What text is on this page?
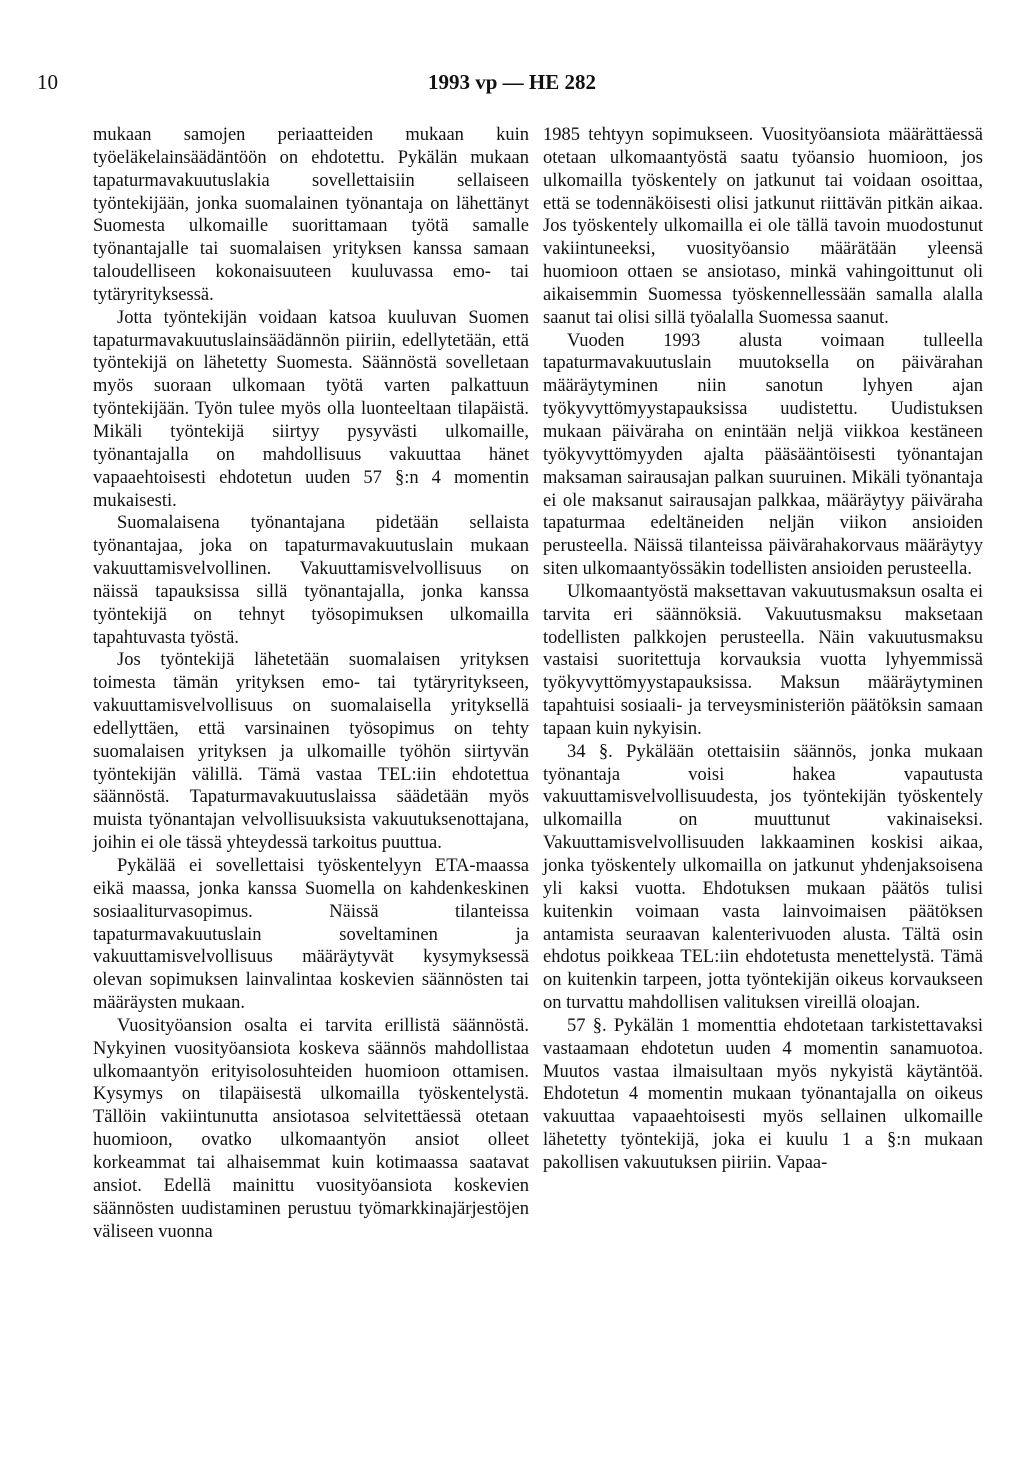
10	1993 vp — HE 282

mukaan samojen periaatteiden mukaan kuin työeläkelainsäädäntöön on ehdotettu. Pykälän mukaan tapaturmavakuutuslakia sovellettaisiin sellaiseen työntekijään, jonka suomalainen työnantaja on lähettänyt Suomesta ulkomaille suorittamaan työtä samalle työnantajalle tai suomalaisen yrityksen kanssa samaan taloudelliseen kokonaisuuteen kuuluvassa emo- tai tytäryrityksessä.

Jotta työntekijän voidaan katsoa kuuluvan Suomen tapaturmavakuutuslainsäädännön piiriin, edellytetään, että työntekijä on lähetetty Suomesta. Säännöstä sovelletaan myös suoraan ulkomaan työtä varten palkattuun työntekijään. Työn tulee myös olla luonteeltaan tilapäistä. Mikäli työntekijä siirtyy pysyvästi ulkomaille, työnantajalla on mahdollisuus vakuuttaa hänet vapaaehtoisesti ehdotetun uuden 57 §:n 4 momentin mukaisesti.

Suomalaisena työnantajana pidetään sellaista työnantajaa, joka on tapaturmavakuutuslain mukaan vakuuttamisvelvollinen. Vakuuttamisvelvollisuus on näissä tapauksissa sillä työnantajalla, jonka kanssa työntekijä on tehnyt työsopimuksen ulkomailla tapahtuvasta työstä.

Jos työntekijä lähetetään suomalaisen yrityksen toimesta tämän yrityksen emo- tai tytäryritykseen, vakuuttamisvelvollisuus on suomalaisella yrityksellä edellyttäen, että varsinainen työsopimus on tehty suomalaisen yrityksen ja ulkomaille työhön siirtyvän työntekijän välillä. Tämä vastaa TEL:iin ehdotettua säännöstä. Tapaturmavakuutuslaissa säädetään myös muista työnantajan velvollisuuksista vakuutuksenottajana, joihin ei ole tässä yhteydessä tarkoitus puuttua.

Pykälää ei sovellettaisi työskentelyyn ETA-maassa eikä maassa, jonka kanssa Suomella on kahdenkeskinen sosiaaliturvasopimus. Näissä tilanteissa tapaturmavakuutuslain soveltaminen ja vakuuttamisvelvollisuus määräytyvät kysymyksessä olevan sopimuksen lainvalintaa koskevien säännösten tai määräysten mukaan.

Vuosityöansion osalta ei tarvita erillistä säännöstä. Nykyinen vuosityöansiota koskeva säännös mahdollistaa ulkomaantyön erityisolosuhteiden huomioon ottamisen. Kysymys on tilapäisestä ulkomailla työskentelystä. Tällöin vakiintunutta ansiotasoa selvitettäessä otetaan huomioon, ovatko ulkomaantyön ansiot olleet korkeammat tai alhaisemmat kuin kotimaassa saatavat ansiot. Edellä mainittu vuosityöansiota koskevien säännösten uudistaminen perustuu työmarkkinajärjestöjen väliseen vuonna

1985 tehtyyn sopimukseen. Vuosityöansiota määrättäessä otetaan ulkomaantyöstä saatu työansio huomioon, jos ulkomailla työskentely on jatkunut tai voidaan osoittaa, että se todennäköisesti olisi jatkunut riittävän pitkän aikaa. Jos työskentely ulkomailla ei ole tällä tavoin muodostunut vakiintuneeksi, vuosityöansio määrätään yleensä huomioon ottaen se ansiotaso, minkä vahingoittunut oli aikaisemmin Suomessa työskennellessään samalla alalla saanut tai olisi sillä työalalla Suomessa saanut.

Vuoden 1993 alusta voimaan tulleella tapaturmavakuutuslain muutoksella on päivärahan määräytyminen niin sanotun lyhyen ajan työkyvyttömyystapauksissa uudistettu. Uudistuksen mukaan päiväraha on enintään neljä viikkoa kestäneen työkyvyttömyyden ajalta pääsääntöisesti työnantajan maksaman sairausajan palkan suuruinen. Mikäli työnantaja ei ole maksanut sairausajan palkkaa, määräytyy päiväraha tapaturmaa edeltäneiden neljän viikon ansioiden perusteella. Näissä tilanteissa päivärahakorvaus määräytyy siten ulkomaantyössäkin todellisten ansioiden perusteella.

Ulkomaantyöstä maksettavan vakuutusmaksun osalta ei tarvita eri säännöksiä. Vakuutusmaksu maksetaan todellisten palkkojen perusteella. Näin vakuutusmaksu vastaisi suoritettuja korvauksia vuotta lyhyemmissä työkyvyttömyystapauksissa. Maksun määräytyminen tapahtuisi sosiaali- ja terveysministeriön päätöksin samaan tapaan kuin nykyisin.

34 §. Pykälään otettaisiin säännös, jonka mukaan työnantaja voisi hakea vapautusta vakuuttamisvelvollisuudesta, jos työntekijän työskentely ulkomailla on muuttunut vakinaiseksi. Vakuuttamisvelvollisuuden lakkaaminen koskisi aikaa, jonka työskentely ulkomailla on jatkunut yhdenjaksoisena yli kaksi vuotta. Ehdotuksen mukaan päätös tulisi kuitenkin voimaan vasta lainvoimaisen päätöksen antamista seuraavan kalenterivuoden alusta. Tältä osin ehdotus poikkeaa TEL:iin ehdotetusta menettelystä. Tämä on kuitenkin tarpeen, jotta työntekijän oikeus korvaukseen on turvattu mahdollisen valituksen vireillä oloajan.

57 §. Pykälän 1 momenttia ehdotetaan tarkistettavaksi vastaamaan ehdotetun uuden 4 momentin sanamuotoa. Muutos vastaa ilmaisultaan myös nykyistä käytäntöä. Ehdotetun 4 momentin mukaan työnantajalla on oikeus vakuuttaa vapaaehtoisesti myös sellainen ulkomaille lähetetty työntekijä, joka ei kuulu 1 a §:n mukaan pakollisen vakuutuksen piiriin. Vapaa-
